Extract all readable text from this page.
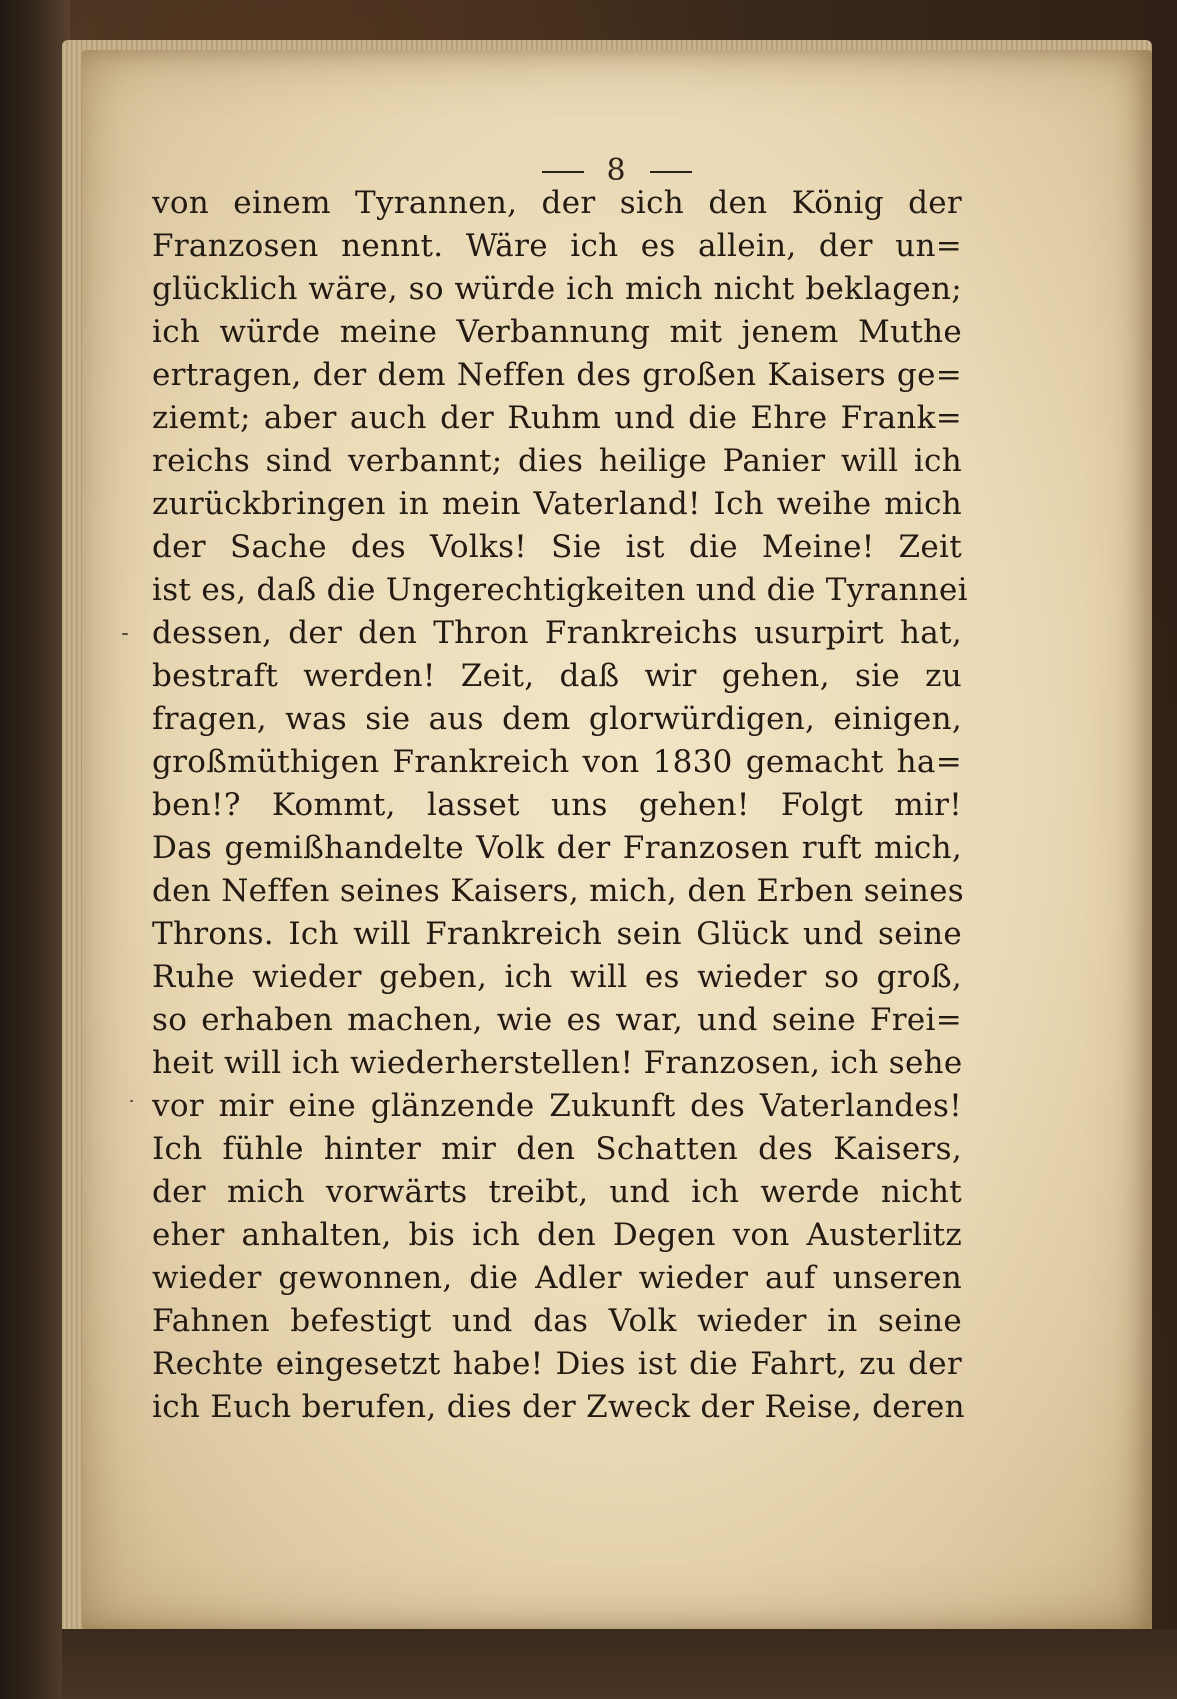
8
von einem Tyrannen, der sich den König der
Franzosen nennt. Wäre ich es allein, der un=
glücklich wäre, so würde ich mich nicht beklagen;
ich würde meine Verbannung mit jenem Muthe
ertragen, der dem Neffen des großen Kaisers ge=
ziemt; aber auch der Ruhm und die Ehre Frank=
reichs sind verbannt; dies heilige Panier will ich
zurückbringen in mein Vaterland! Ich weihe mich
der Sache des Volks! Sie ist die Meine! Zeit
ist es, daß die Ungerechtigkeiten und die Tyrannei
dessen, der den Thron Frankreichs usurpirt hat,
bestraft werden! Zeit, daß wir gehen, sie zu
fragen, was sie aus dem glorwürdigen, einigen,
großmüthigen Frankreich von 1830 gemacht ha=
ben!? Kommt, lasset uns gehen! Folgt mir!
Das gemißhandelte Volk der Franzosen ruft mich,
den Neffen seines Kaisers, mich, den Erben seines
Throns. Ich will Frankreich sein Glück und seine
Ruhe wieder geben, ich will es wieder so groß,
so erhaben machen, wie es war, und seine Frei=
heit will ich wiederherstellen! Franzosen, ich sehe
vor mir eine glänzende Zukunft des Vaterlandes!
Ich fühle hinter mir den Schatten des Kaisers,
der mich vorwärts treibt, und ich werde nicht
eher anhalten, bis ich den Degen von Austerlitz
wieder gewonnen, die Adler wieder auf unseren
Fahnen befestigt und das Volk wieder in seine
Rechte eingesetzt habe! Dies ist die Fahrt, zu der
ich Euch berufen, dies der Zweck der Reise, deren
